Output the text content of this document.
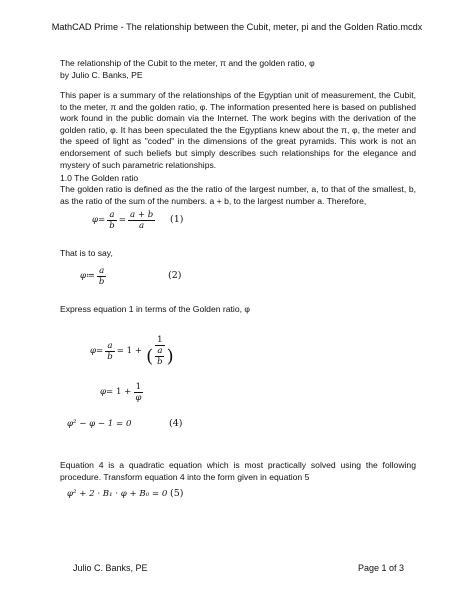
MathCAD Prime - The relationship between the Cubit, meter, pi and the Golden Ratio.mcdx
The relationship of the Cubit to the meter, π and the golden ratio, φ
by Julio C. Banks, PE
This paper is a summary of the relationships of the Egyptian unit of measurement, the Cubit, to the meter, π and the golden ratio, φ. The information presented here is based on published work found in the public domain via the Internet. The work begins with the derivation of the golden ratio, φ. It has been speculated the the Egyptians knew about the π, φ, the meter and the speed of light as "coded" in the dimensions of the great pyramids. This work is not an endorsement of such beliefs but simply describes such relationships for the elegance and mystery of such parametric relationships.
1.0 The Golden ratio
The golden ratio is defined as the the ratio of the largest number, a, to that of the smallest, b, as the ratio of the sum of the numbers. a + b, to the largest number a. Therefore,
$\varphi = \frac{a}{b} = \frac{a + b}{a} (1)$
That is to say,
φ ≔ $\frac{a}{b}$	(2)
Express equation 1 in terms of the Golden ratio, φ
$\varphi = \frac{a}{b} = 1 + \frac{1}{( \frac{a}{b} )}$
$\varphi = 1 + \frac{1}{\varphi}$
φ² − φ − 1 = 0	(4)
Equation 4 is a quadratic equation which is most practically solved using the following procedure. Transform equation 4 into the form given in equation 5
φ² + 2 · B₁ · φ + B₀ = 0 (5)
Julio C. Banks, PE	Page 1 of 3
